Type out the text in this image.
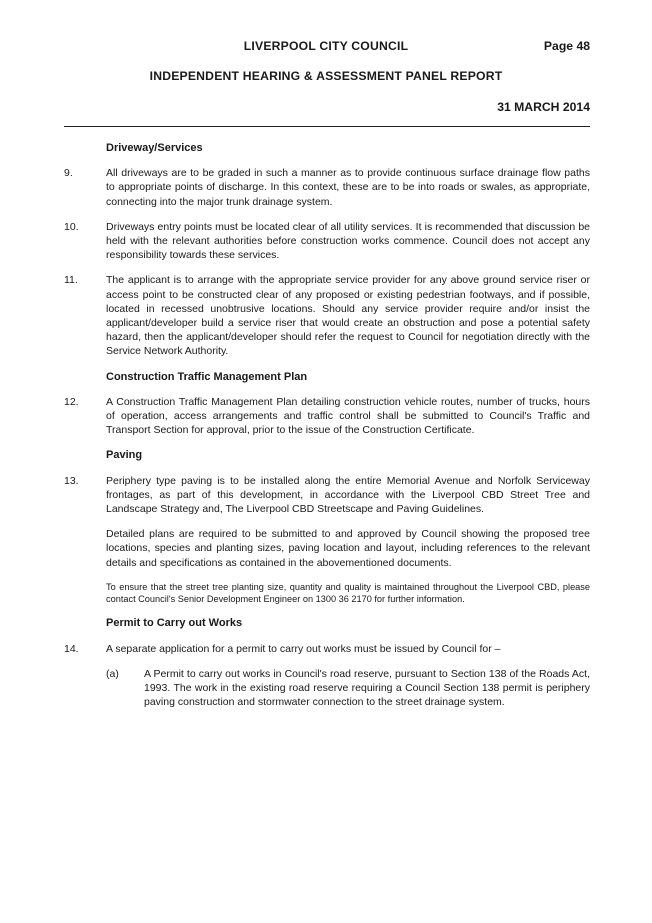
LIVERPOOL CITY COUNCIL	Page 48
INDEPENDENT HEARING & ASSESSMENT PANEL REPORT
31 MARCH 2014
Driveway/Services
9.	All driveways are to be graded in such a manner as to provide continuous surface drainage flow paths to appropriate points of discharge. In this context, these are to be into roads or swales, as appropriate, connecting into the major trunk drainage system.
10.	Driveways entry points must be located clear of all utility services. It is recommended that discussion be held with the relevant authorities before construction works commence. Council does not accept any responsibility towards these services.
11.	The applicant is to arrange with the appropriate service provider for any above ground service riser or access point to be constructed clear of any proposed or existing pedestrian footways, and if possible, located in recessed unobtrusive locations. Should any service provider require and/or insist the applicant/developer build a service riser that would create an obstruction and pose a potential safety hazard, then the applicant/developer should refer the request to Council for negotiation directly with the Service Network Authority.
Construction Traffic Management Plan
12.	A Construction Traffic Management Plan detailing construction vehicle routes, number of trucks, hours of operation, access arrangements and traffic control shall be submitted to Council's Traffic and Transport Section for approval, prior to the issue of the Construction Certificate.
Paving
13.	Periphery type paving is to be installed along the entire Memorial Avenue and Norfolk Serviceway frontages, as part of this development, in accordance with the Liverpool CBD Street Tree and Landscape Strategy and, The Liverpool CBD Streetscape and Paving Guidelines.
Detailed plans are required to be submitted to and approved by Council showing the proposed tree locations, species and planting sizes, paving location and layout, including references to the relevant details and specifications as contained in the abovementioned documents.
To ensure that the street tree planting size, quantity and quality is maintained throughout the Liverpool CBD, please contact Council's Senior Development Engineer on 1300 36 2170 for further information.
Permit to Carry out Works
14.	A separate application for a permit to carry out works must be issued by Council for –
(a)	A Permit to carry out works in Council's road reserve, pursuant to Section 138 of the Roads Act, 1993. The work in the existing road reserve requiring a Council Section 138 permit is periphery paving construction and stormwater connection to the street drainage system.
